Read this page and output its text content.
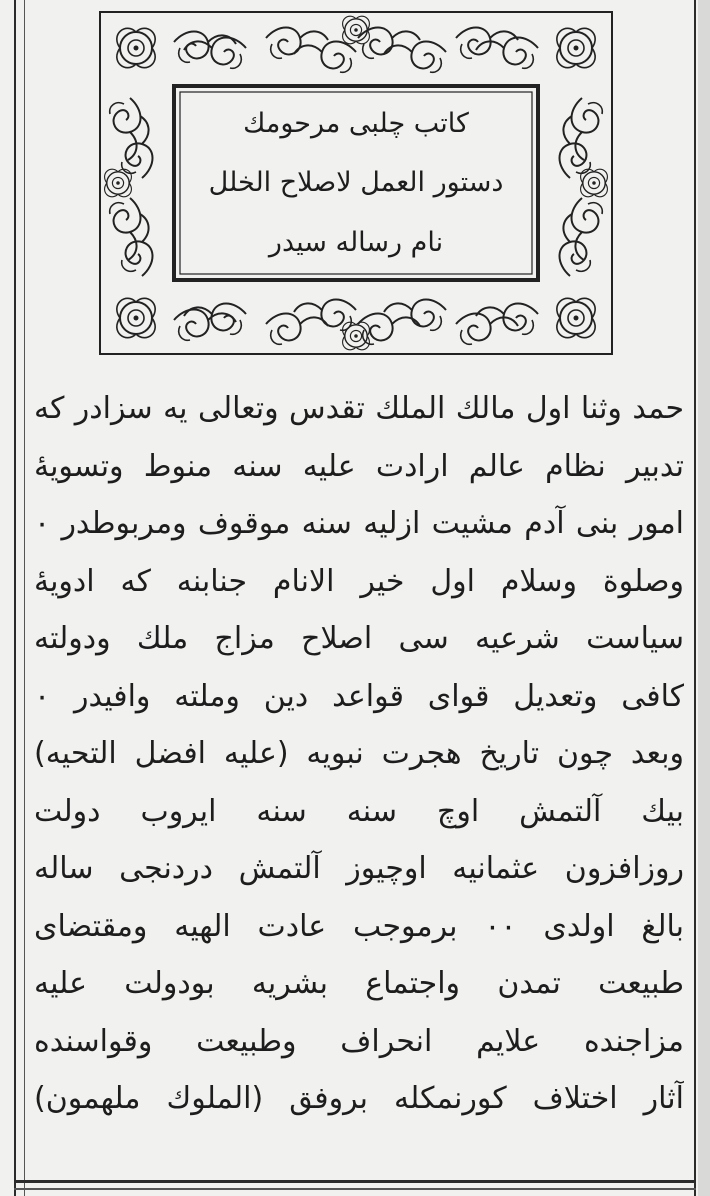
کاتب چلبی مرحومك
دستور العمل لاصلاح الخلل
نام رساله سیدر
حمد وثنا اول مالك الملك تقدس وتعالی یه سزادر که
تدبیر نظام عالم ارادت علیه سنه منوط وتسویهٔ
امور بنی آدم مشیت ازلیه سنه موقوف ومربوطدر ٠
وصلوة وسلام اول خیر الانام جنابنه که ادویهٔ
سیاست شرعیه سی اصلاح مزاج ملك ودولته
کافی وتعدیل قوای قواعد دین وملته وافیدر ٠
وبعد چون تاریخ هجرت نبویه (علیه افضل التحیه)
بیك آلتمش اوچ سنه سنه ایروب دولت
روزافزون عثمانیه اوچیوز آلتمش دردنجی ساله
بالغ اولدی ٠٠ برموجب عادت الهیه ومقتضای
طبیعت تمدن واجتماع بشریه بودولت علیه
مزاجنده علایم انحراف وطبیعت وقواسنده
آثار اختلاف کورنمکله بروفق (الملوك ملهمون)
